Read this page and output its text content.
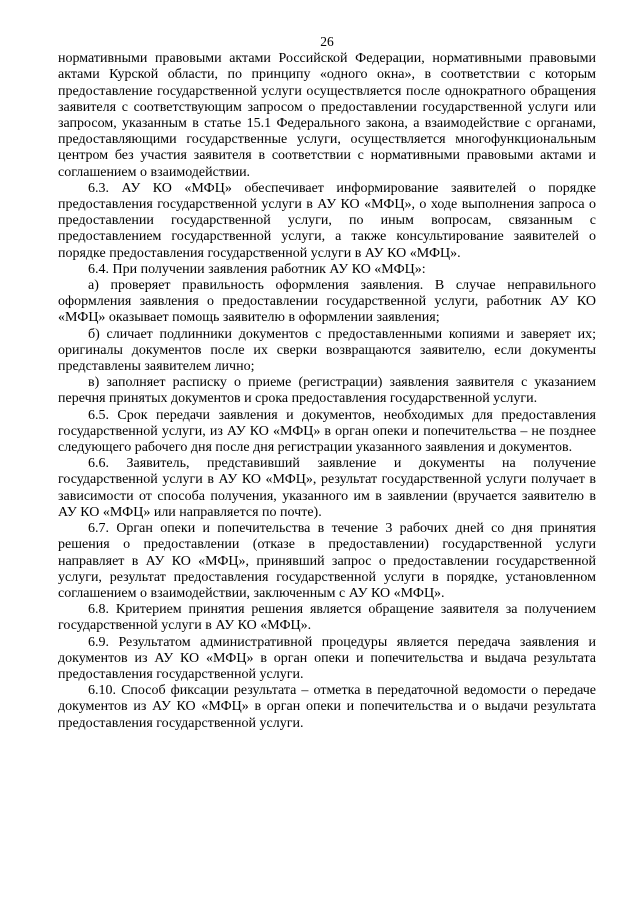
26

нормативными правовыми актами Российской Федерации, нормативными правовыми актами Курской области, по принципу «одного окна», в соответствии с которым предоставление государственной услуги осуществляется после однократного обращения заявителя с соответствующим запросом о предоставлении государственной услуги или запросом, указанным в статье 15.1 Федерального закона, а взаимодействие с органами, предоставляющими государственные услуги, осуществляется многофункциональным центром без участия заявителя в соответствии с нормативными правовыми актами и соглашением о взаимодействии.

6.3. АУ КО «МФЦ» обеспечивает информирование заявителей о порядке предоставления государственной услуги в АУ КО «МФЦ», о ходе выполнения запроса о предоставлении государственной услуги, по иным вопросам, связанным с предоставлением государственной услуги, а также консультирование заявителей о порядке предоставления государственной услуги в АУ КО «МФЦ».

6.4. При получении заявления работник АУ КО «МФЦ»:

а) проверяет правильность оформления заявления. В случае неправильного оформления заявления о предоставлении государственной услуги, работник АУ КО «МФЦ» оказывает помощь заявителю в оформлении заявления;

б) сличает подлинники документов с предоставленными копиями и заверяет их; оригиналы документов после их сверки возвращаются заявителю, если документы представлены заявителем лично;

в) заполняет расписку о приеме (регистрации) заявления заявителя с указанием перечня принятых документов и срока предоставления государственной услуги.

6.5. Срок передачи заявления и документов, необходимых для предоставления государственной услуги, из АУ КО «МФЦ» в орган опеки и попечительства – не позднее следующего рабочего дня после дня регистрации указанного заявления и документов.

6.6. Заявитель, представивший заявление и документы на получение государственной услуги в АУ КО «МФЦ», результат государственной услуги получает в зависимости от способа получения, указанного им в заявлении (вручается заявителю в АУ КО «МФЦ» или направляется по почте).

6.7. Орган опеки и попечительства в течение 3 рабочих дней со дня принятия решения о предоставлении (отказе в предоставлении) государственной услуги направляет в АУ КО «МФЦ», принявший запрос о предоставлении государственной услуги, результат предоставления государственной услуги в порядке, установленном соглашением о взаимодействии, заключенным с АУ КО «МФЦ».

6.8. Критерием принятия решения является обращение заявителя за получением государственной услуги в АУ КО «МФЦ».

6.9. Результатом административной процедуры является передача заявления и документов из АУ КО «МФЦ» в орган опеки и попечительства и выдача результата предоставления государственной услуги.

6.10. Способ фиксации результата – отметка в передаточной ведомости о передаче документов из АУ КО «МФЦ» в орган опеки и попечительства и о выдачи результата предоставления государственной услуги.
